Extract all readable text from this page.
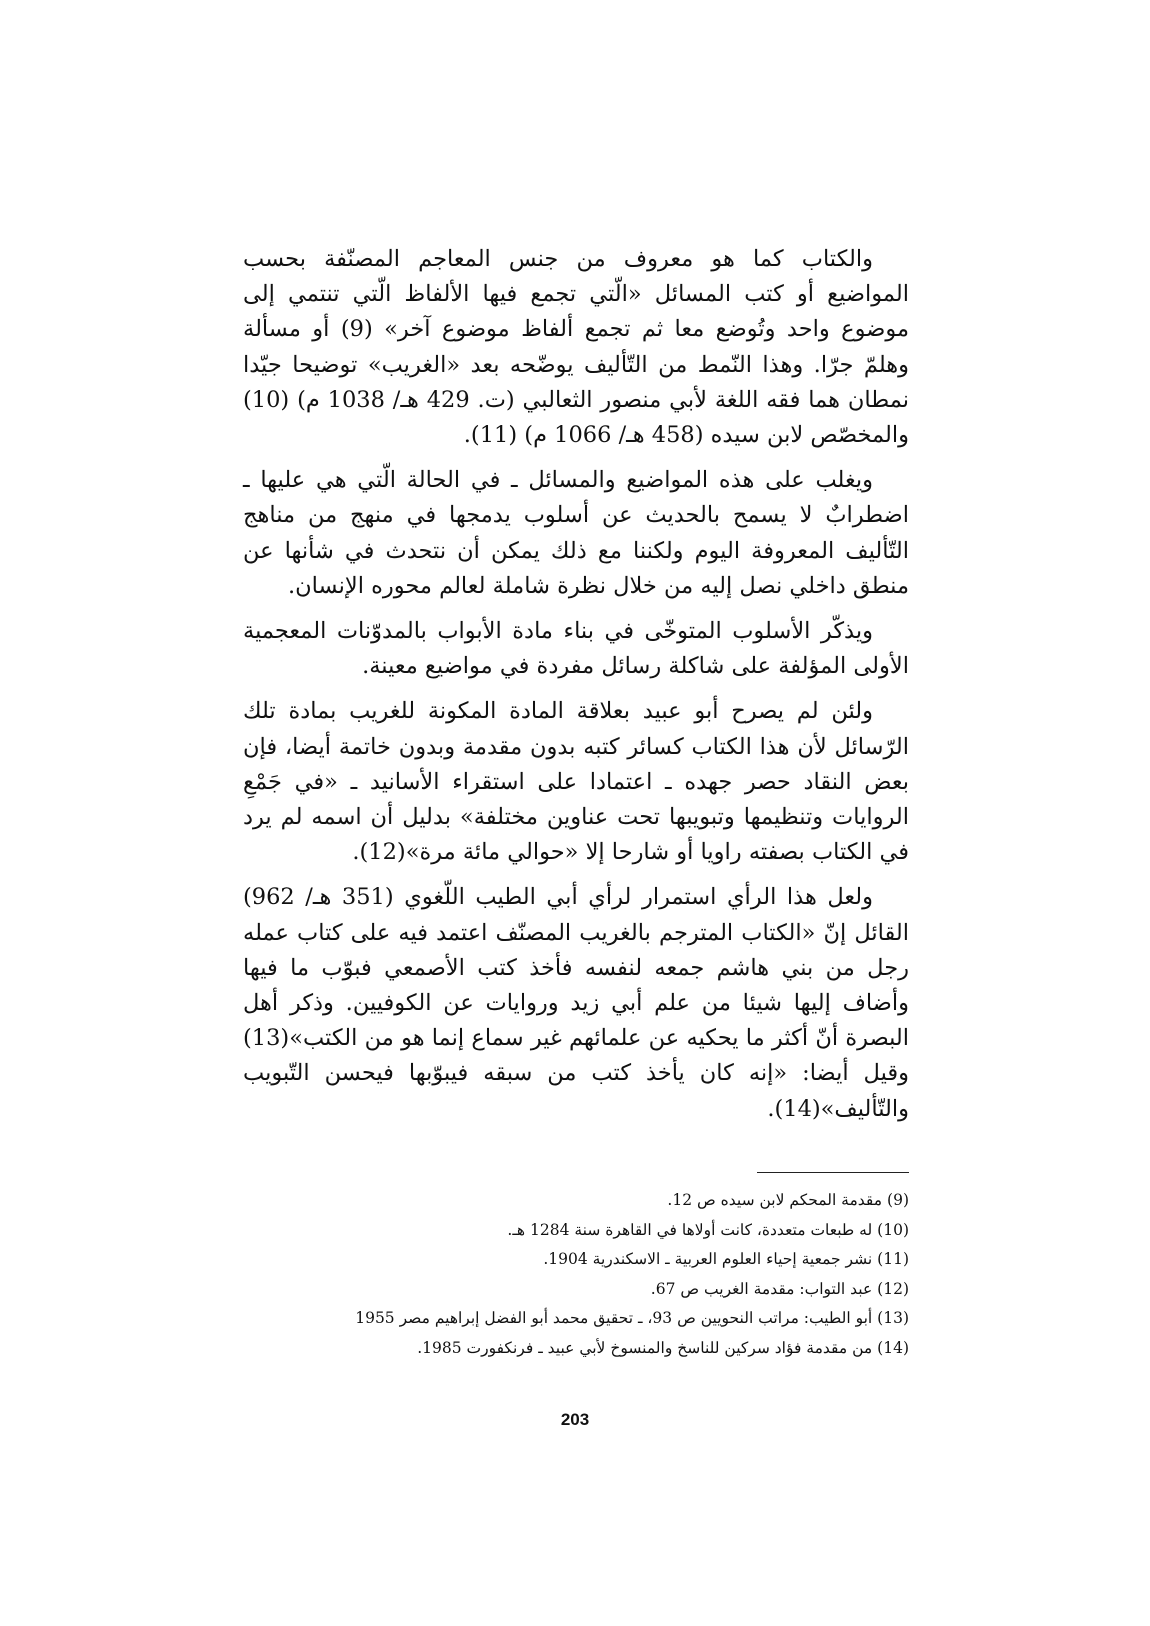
والكتاب كما هو معروف من جنس المعاجم المصنّفة بحسب المواضيع أو كتب المسائل «الّتي تجمع فيها الألفاظ الّتي تنتمي إلى موضوع واحد وتُوضع معا ثم تجمع ألفاظ موضوع آخر» (9) أو مسألة وهلمّ جرّا. وهذا النّمط من التّأليف يوضّحه بعد «الغريب» توضيحا جيّدا نمطان هما فقه اللغة لأبي منصور الثعالبي (ت. 429 هـ/ 1038 م) (10) والمخصّص لابن سيده (458 هـ/ 1066 م) (11).

ويغلب على هذه المواضيع والمسائل ـ في الحالة الّتي هي عليها ـ اضطرابٌ لا يسمح بالحديث عن أسلوب يدمجها في منهج من مناهج التّأليف المعروفة اليوم ولكننا مع ذلك يمكن أن نتحدث في شأنها عن منطق داخلي نصل إليه من خلال نظرة شاملة لعالم محوره الإنسان.

ويذكّر الأسلوب المتوخّى في بناء مادة الأبواب بالمدوّنات المعجمية الأولى المؤلفة على شاكلة رسائل مفردة في مواضيع معينة.

ولئن لم يصرح أبو عبيد بعلاقة المادة المكونة للغريب بمادة تلك الرّسائل لأن هذا الكتاب كسائر كتبه بدون مقدمة وبدون خاتمة أيضا، فإن بعض النقاد حصر جهده ـ اعتمادا على استقراء الأسانيد ـ «في جَمْعِ الروايات وتنظيمها وتبويبها تحت عناوين مختلفة» بدليل أن اسمه لم يرد في الكتاب بصفته راويا أو شارحا إلا «حوالي مائة مرة»(12).

ولعل هذا الرأي استمرار لرأي أبي الطيب اللّغوي (351 هـ/ 962) القائل إنّ «الكتاب المترجم بالغريب المصنّف اعتمد فيه على كتاب عمله رجل من بني هاشم جمعه لنفسه فأخذ كتب الأصمعي فبوّب ما فيها وأضاف إليها شيئا من علم أبي زيد وروايات عن الكوفيين. وذكر أهل البصرة أنّ أكثر ما يحكيه عن علمائهم غير سماع إنما هو من الكتب»(13) وقيل أيضا: «إنه كان يأخذ كتب من سبقه فيبوّبها فيحسن التّبويب والتّأليف»(14).

(9) مقدمة المحكم لابن سيده ص 12.
(10) له طبعات متعددة، كانت أولاها في القاهرة سنة 1284 هـ.
(11) نشر جمعية إحياء العلوم العربية ـ الاسكندرية 1904.
(12) عبد التواب: مقدمة الغريب ص 67.
(13) أبو الطيب: مراتب النحويين ص 93، ـ تحقيق محمد أبو الفضل إبراهيم مصر 1955
(14) من مقدمة فؤاد سركين للناسخ والمنسوخ لأبي عبيد ـ فرنكفورت 1985.
203
